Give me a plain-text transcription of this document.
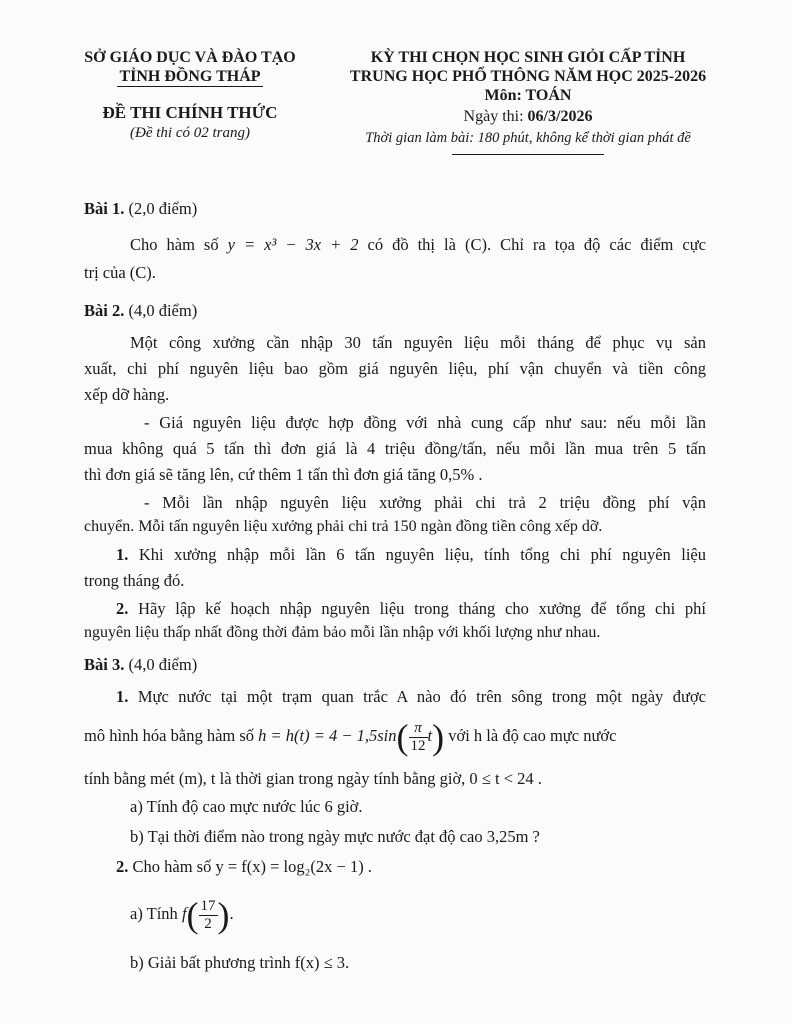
SỞ GIÁO DỤC VÀ ĐÀO TẠO
TỈNH ĐỒNG THÁP
ĐỀ THI CHÍNH THỨC
(Đề thi có 02 trang)
KỲ THI CHỌN HỌC SINH GIỎI CẤP TỈNH
TRUNG HỌC PHỔ THÔNG NĂM HỌC 2025-2026
Môn: TOÁN
Ngày thi: 06/3/2026
Thời gian làm bài: 180 phút, không kể thời gian phát đề
Bài 1. (2,0 điểm)
Cho hàm số y = x³ − 3x + 2 có đồ thị là (C). Chỉ ra tọa độ các điểm cực
trị của (C).
Bài 2. (4,0 điểm)
Một công xưởng cần nhập 30 tấn nguyên liệu mỗi tháng để phục vụ sản
xuất, chi phí nguyên liệu bao gồm giá nguyên liệu, phí vận chuyển và tiền công
xếp dỡ hàng.
- Giá nguyên liệu được hợp đồng với nhà cung cấp như sau: nếu mỗi lần
mua không quá 5 tấn thì đơn giá là 4 triệu đồng/tấn, nếu mỗi lần mua trên 5 tấn
thì đơn giá sẽ tăng lên, cứ thêm 1 tấn thì đơn giá tăng 0,5% .
- Mỗi lần nhập nguyên liệu xưởng phải chi trả 2 triệu đồng phí vận
chuyển. Mỗi tấn nguyên liệu xưởng phải chi trả 150 ngàn đồng tiền công xếp dỡ.
1. Khi xưởng nhập mỗi lần 6 tấn nguyên liệu, tính tổng chi phí nguyên liệu
trong tháng đó.
2. Hãy lập kế hoạch nhập nguyên liệu trong tháng cho xưởng để tổng chi phí
nguyên liệu thấp nhất đồng thời đảm bảo mỗi lần nhập với khối lượng như nhau.
Bài 3. (4,0 điểm)
1. Mực nước tại một trạm quan trắc A nào đó trên sông trong một ngày được
mô hình hóa bằng hàm số $h = h(t) = 4 - 1,5\sin( \frac{\pi}{12} t)$ với h là độ cao mực nước
tính bằng mét (m), t là thời gian trong ngày tính bằng giờ, 0 ≤ t < 24 .
a) Tính độ cao mực nước lúc 6 giờ.
b) Tại thời điểm nào trong ngày mực nước đạt độ cao 3,25m ?
2. Cho hàm số y = f(x) = log₂(2x − 1) .
a) Tính $f( \frac{17}{2}$ ).
b) Giải bất phương trình f(x) ≤ 3.
